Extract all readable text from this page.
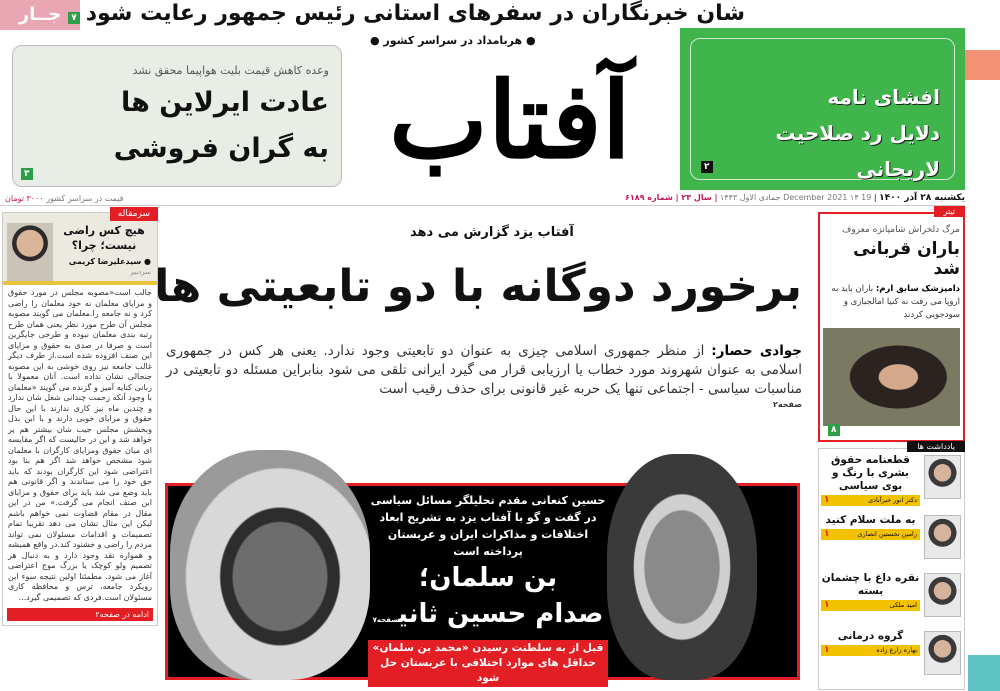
جــار	شان خبرنگاران در سفرهای استانی رئیس جمهور رعایت شود
۷
وعده کاهش قیمت بلیت هواپیما محقق نشد
عادت ایرلاین ها
به گران فروشی
۳	آفتاب
● هربامداد در سراسر کشور ●
افشای نامه
دلایل رد صلاحیت لاریجانی
۲
یکشنبه ۲۸ آذر ۱۴۰۰ | 19 December 2021 ۱۴ جمادی الاول ۱۴۴۳ | سال ۲۳ | شماره ۶۱۸۹
قیمت در سراسر کشور ۳۰۰۰ تومان
سرمقاله
هیچ کس راضی نیست؛ چرا؟
● سیدعلیرضا کریمی
سردبیر
جالب است«مصوبه مجلس در مورد حقوق و مزایای معلمان نه خود معلمان را راضی کرد و نه جامعه را.معلمان می گویند مصوبه مجلس آن طرح مورد نظر یعنی همان طرح رتبه بندی معلمان نبوده و طرحی جایگزین است و صرفا در صدی به حقوق و مزایای این صنف افزوده شده است.از طرف دیگر غالب جامعه نیز روی خوشی به این مصوبه جنجالی نشان نداده است. آنان معمولا با زبانی کنایه آمیز و گزنده می گویند «معلمان با وجود آنکه زحمت چندانی شغل شان ندارد و چندین ماه نیز کاری ندارند با این حال حقوق و مزایای خوبی دارند و با این بذل وبخشش مجلس جیب شان بیشتر هم پر خواهد شد و این در حالیست که اگر مقایسه ای میان حقوق ومزایای کارگران با معلمان شود مشخص خواهد شد اگر هم بنا بود اعتراضی شود این کارگران بودند که باید حق خود را می ستاندند و اگر قانونی هم باید وضع می شد باید برای حقوق و مزایای این صنف انجام می گرفت.» من در این مقال در مقام قضاوت نمی خواهم باشم لیکن این مثال نشان می دهد تقریبا تمام تصمیمات و اقدامات مسئولان نمی تواند مردم را راضی و خشنود کند.در واقع همیشه و همواره نقد وجود دارد و به دنبال هر تصمیم ولو کوچک یا بزرگ موج اعتراضی آغاز می شود. مطمئنا اولین نتیجه سوء این رویکرد جامعه، ترس و محافظه کاری مسئولان است.فردی که تصمیمی گیرد...
ادامه در صفحه۲
آفتاب یزد گزارش می دهد
برخورد دوگانه با دو تابعیتی ها
جوادی حصار: از منظر جمهوری اسلامی چیزی به عنوان دو تابعیتی وجود ندارد. یعنی هر کس در جمهوری اسلامی به عنوان شهروند مورد خطاب یا ارزیابی قرار می گیرد ایرانی تلقی می شود بنابراین مسئله دو تابعیتی در مناسبات سیاسی - اجتماعی تنها یک حربه غیر قانونی برای حذف رقیب است
صفحه۲
حسین کنعانی مقدم تحلیلگر مسائل سیاسی در گفت و گو با آفتاب یزد به تشریح ابعاد اختلافات و مذاکرات ایران و عربستان پرداخته است
بن سلمان؛
صدام حسین ثانیصفحه۷
قبل از به سلطنت رسیدن «محمد بن سلمان» حداقل های موارد اختلافی با عربستان حل شود
تیتر
مرگ دلخراش شامپانزه معروف
باران قربانی شد
دامپزشک سابق ارم: باران باید به اروپا می رفت نه کنیا امالجبازی و سودجویی کردند
۸
یادداشت ها
قطعنامه حقوق بشری با رنگ و بوی سیاسی
دکتر انور خیرآبادی
۱
به ملت سلام کنید
رامین نخستین انصاری
۱
نقره داغ با چشمان بسته
امید ملکی
۱
گروه درمانی
بهاره زارع زاده
۱
